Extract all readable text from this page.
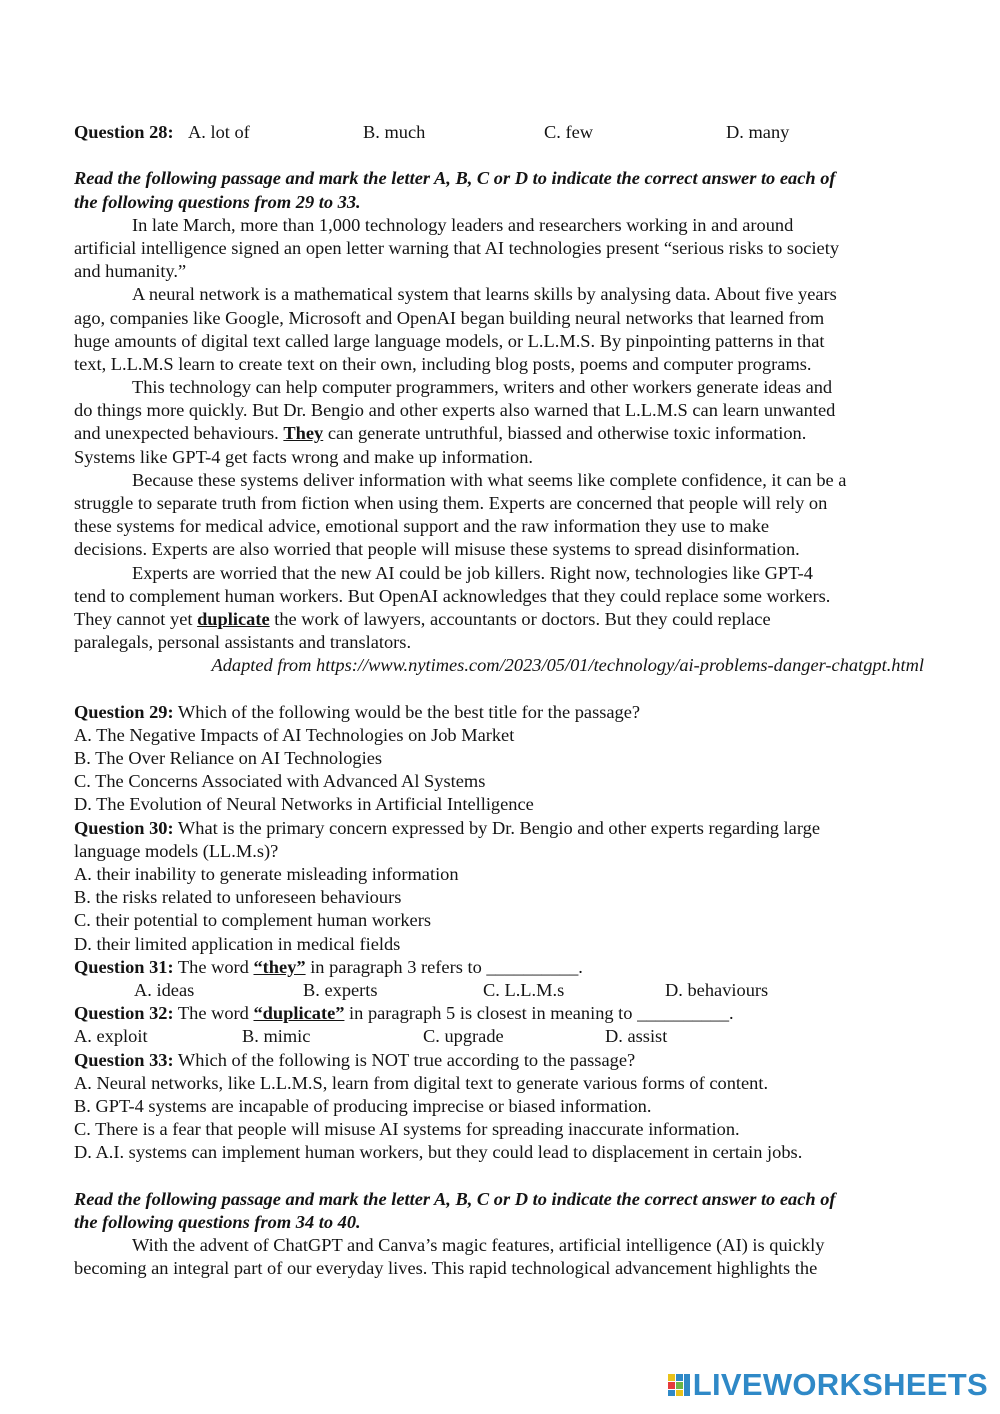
Question 28: A. lot of	B. much	C. few	D. many
Read the following passage and mark the letter A, B, C or D to indicate the correct answer to each of
the following questions from 29 to 33.
In late March, more than 1,000 technology leaders and researchers working in and around
artificial intelligence signed an open letter warning that AI technologies present “serious risks to society
and humanity.”
A neural network is a mathematical system that learns skills by analysing data. About five years
ago, companies like Google, Microsoft and OpenAI began building neural networks that learned from
huge amounts of digital text called large language models, or L.L.M.S. By pinpointing patterns in that
text, L.L.M.S learn to create text on their own, including blog posts, poems and computer programs.
This technology can help computer programmers, writers and other workers generate ideas and
do things more quickly. But Dr. Bengio and other experts also warned that L.L.M.S can learn unwanted
and unexpected behaviours. They can generate untruthful, biassed and otherwise toxic information.
Systems like GPT-4 get facts wrong and make up information.
Because these systems deliver information with what seems like complete confidence, it can be a
struggle to separate truth from fiction when using them. Experts are concerned that people will rely on
these systems for medical advice, emotional support and the raw information they use to make
decisions. Experts are also worried that people will misuse these systems to spread disinformation.
Experts are worried that the new AI could be job killers. Right now, technologies like GPT-4
tend to complement human workers. But OpenAI acknowledges that they could replace some workers.
They cannot yet duplicate the work of lawyers, accountants or doctors. But they could replace
paralegals, personal assistants and translators.
Adapted from https://www.nytimes.com/2023/05/01/technology/ai-problems-danger-chatgpt.html
Question 29: Which of the following would be the best title for the passage?
A. The Negative Impacts of AI Technologies on Job Market
B. The Over Reliance on AI Technologies
C. The Concerns Associated with Advanced Al Systems
D. The Evolution of Neural Networks in Artificial Intelligence
Question 30: What is the primary concern expressed by Dr. Bengio and other experts regarding large
language models (LL.M.s)?
A. their inability to generate misleading information
B. the risks related to unforeseen behaviours
C. their potential to complement human workers
D. their limited application in medical fields
Question 31: The word “they” in paragraph 3 refers to __________.
A. ideas	B. experts	C. L.L.M.s	D. behaviours
Question 32: The word “duplicate” in paragraph 5 is closest in meaning to __________.
A. exploit	B. mimic	C. upgrade	D. assist
Question 33: Which of the following is NOT true according to the passage?
A. Neural networks, like L.L.M.S, learn from digital text to generate various forms of content.
B. GPT-4 systems are incapable of producing imprecise or biased information.
C. There is a fear that people will misuse AI systems for spreading inaccurate information.
D. A.I. systems can implement human workers, but they could lead to displacement in certain jobs.
Read the following passage and mark the letter A, B, C or D to indicate the correct answer to each of
the following questions from 34 to 40.
With the advent of ChatGPT and Canva’s magic features, artificial intelligence (AI) is quickly
becoming an integral part of our everyday lives. This rapid technological advancement highlights the
LIVEWORKSHEETS
